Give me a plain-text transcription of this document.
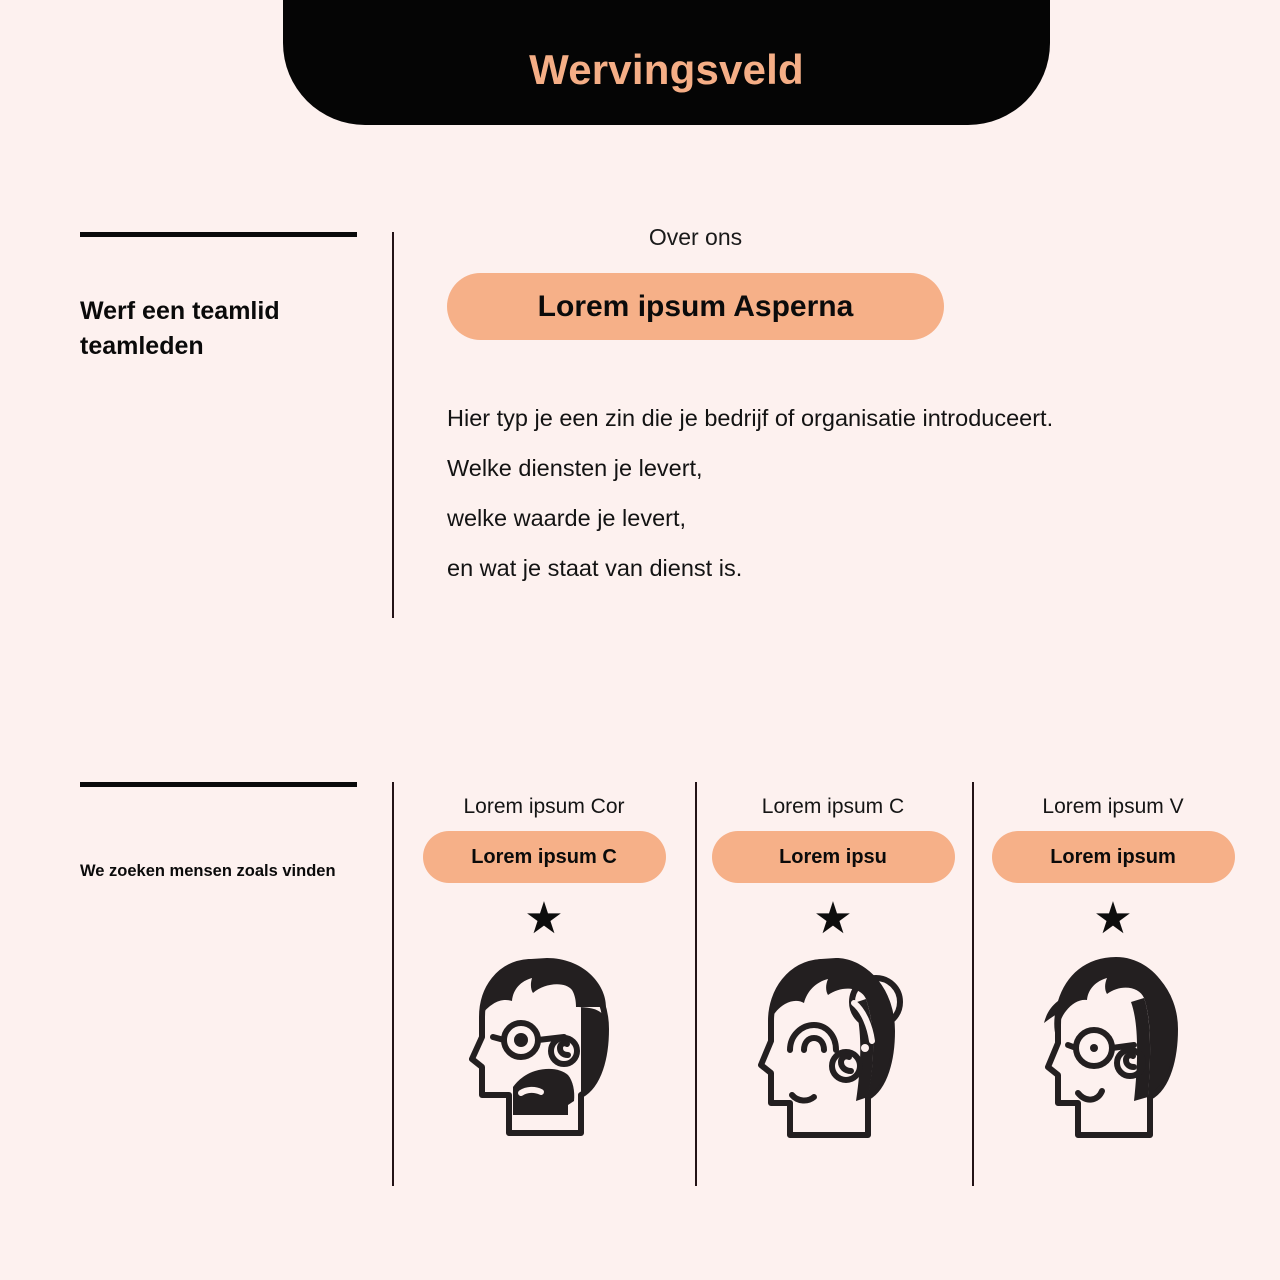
Wervingsveld
Werf een teamlid teamleden
Over ons
Lorem ipsum Asperna
Hier typ je een zin die je bedrijf of organisatie introduceert.
Welke diensten je levert,
welke waarde je levert,
en wat je staat van dienst is.
We zoeken mensen zoals vinden
Lorem ipsum Cor
Lorem ipsum C
★
Lorem ipsum C
Lorem ipsu
★
Lorem ipsum V
Lorem ipsum
★
